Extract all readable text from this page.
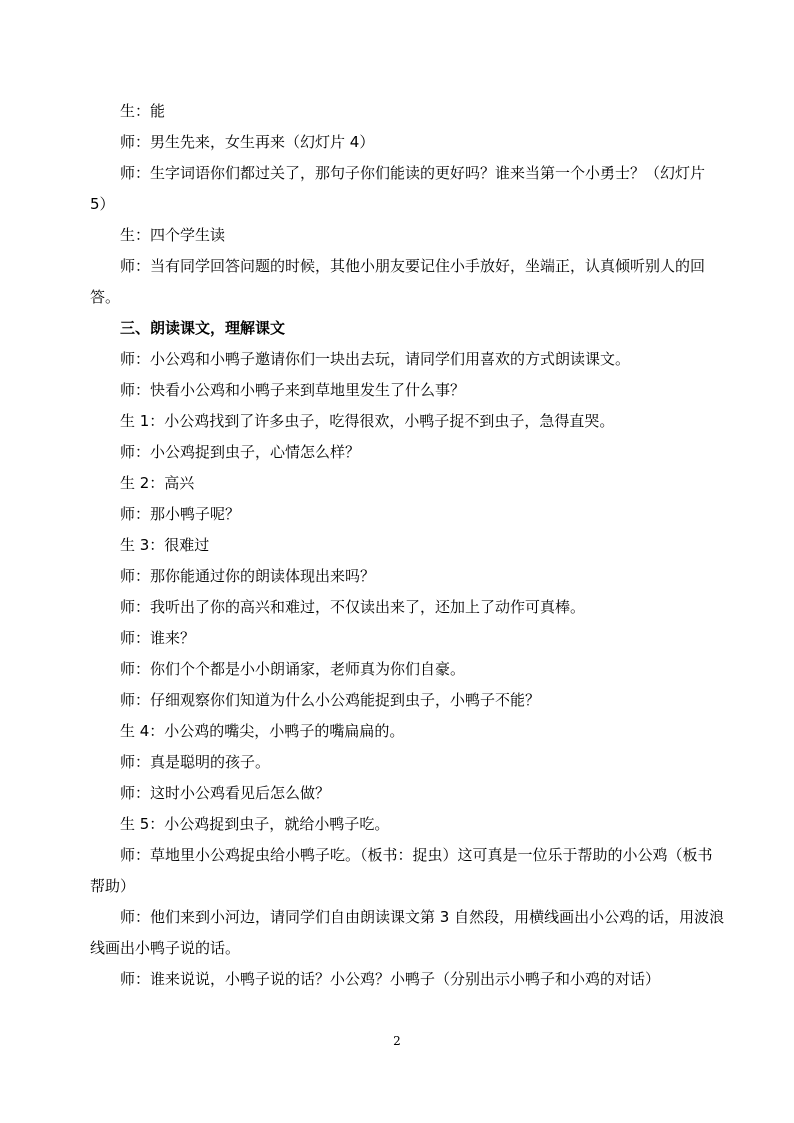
生：能

师：男生先来，女生再来（幻灯片 4）

师：生字词语你们都过关了，那句子你们能读的更好吗？谁来当第一个小勇士？（幻灯片 5）

生：四个学生读

师：当有同学回答问题的时候，其他小朋友要记住小手放好，坐端正，认真倾听别人的回答。

三、朗读课文，理解课文

师：小公鸡和小鸭子邀请你们一块出去玩，请同学们用喜欢的方式朗读课文。

师：快看小公鸡和小鸭子来到草地里发生了什么事？

生 1：小公鸡找到了许多虫子，吃得很欢，小鸭子捉不到虫子，急得直哭。

师：小公鸡捉到虫子，心情怎么样？

生 2：高兴

师：那小鸭子呢？

生 3：很难过

师：那你能通过你的朗读体现出来吗？

师：我听出了你的高兴和难过，不仅读出来了，还加上了动作可真棒。

师：谁来？

师：你们个个都是小小朗诵家，老师真为你们自豪。

师：仔细观察你们知道为什么小公鸡能捉到虫子，小鸭子不能？

生 4：小公鸡的嘴尖，小鸭子的嘴扁扁的。

师：真是聪明的孩子。

师：这时小公鸡看见后怎么做？

生 5：小公鸡捉到虫子，就给小鸭子吃。

师：草地里小公鸡捉虫给小鸭子吃。（板书：捉虫）这可真是一位乐于帮助的小公鸡（板书帮助）

师：他们来到小河边，请同学们自由朗读课文第 3 自然段，用横线画出小公鸡的话，用波浪线画出小鸭子说的话。

师：谁来说说，小鸭子说的话？小公鸡？小鸭子（分别出示小鸭子和小鸡的对话）

2
